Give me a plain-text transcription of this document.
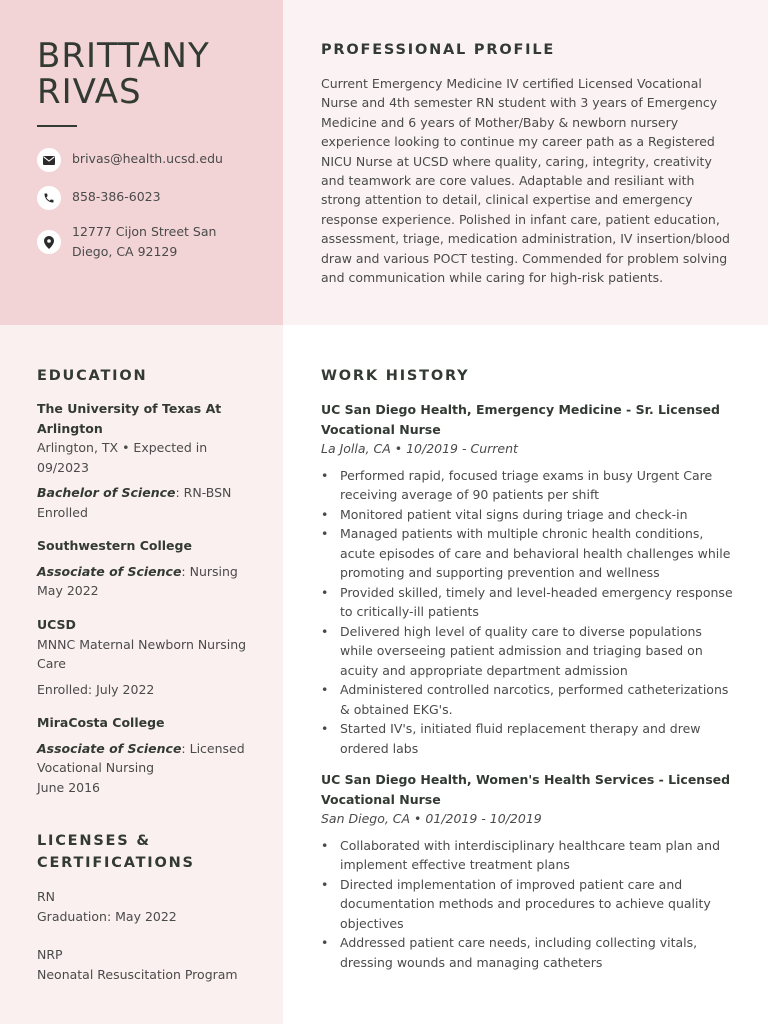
BRITTANY
RIVAS
brivas@health.ucsd.edu
858-386-6023
12777 Cijon Street San
Diego, CA 92129
PROFESSIONAL PROFILE
Current Emergency Medicine IV certified Licensed Vocational
Nurse and 4th semester RN student with 3 years of Emergency
Medicine and 6 years of Mother/Baby & newborn nursery
experience looking to continue my career path as a Registered
NICU Nurse at UCSD where quality, caring, integrity, creativity
and teamwork are core values. Adaptable and resiliant with
strong attention to detail, clinical expertise and emergency
response experience. Polished in infant care, patient education,
assessment, triage, medication administration, IV insertion/blood
draw and various POCT testing. Commended for problem solving
and communication while caring for high-risk patients.
EDUCATION
The University of Texas At
Arlington
Arlington, TX • Expected in
09/2023
Bachelor of Science: RN-BSN
Enrolled
Southwestern College
Associate of Science: Nursing
May 2022
UCSD
MNNC Maternal Newborn Nursing
Care
Enrolled: July 2022
MiraCosta College
Associate of Science: Licensed
Vocational Nursing
June 2016
LICENSES &
CERTIFICATIONS
RN
Graduation: May 2022
NRP
Neonatal Resuscitation Program
WORK HISTORY
UC San Diego Health, Emergency Medicine - Sr. Licensed
Vocational Nurse
La Jolla, CA • 10/2019 - Current
• Performed rapid, focused triage exams in busy Urgent Care
receiving average of 90 patients per shift
• Monitored patient vital signs during triage and check-in
• Managed patients with multiple chronic health conditions,
acute episodes of care and behavioral health challenges while
promoting and supporting prevention and wellness
• Provided skilled, timely and level-headed emergency response
to critically-ill patients
• Delivered high level of quality care to diverse populations
while overseeing patient admission and triaging based on
acuity and appropriate department admission
• Administered controlled narcotics, performed catheterizations
& obtained EKG's.
• Started IV's, initiated fluid replacement therapy and drew
ordered labs
UC San Diego Health, Women's Health Services - Licensed
Vocational Nurse
San Diego, CA • 01/2019 - 10/2019
• Collaborated with interdisciplinary healthcare team plan and
implement effective treatment plans
• Directed implementation of improved patient care and
documentation methods and procedures to achieve quality
objectives
• Addressed patient care needs, including collecting vitals,
dressing wounds and managing catheters
